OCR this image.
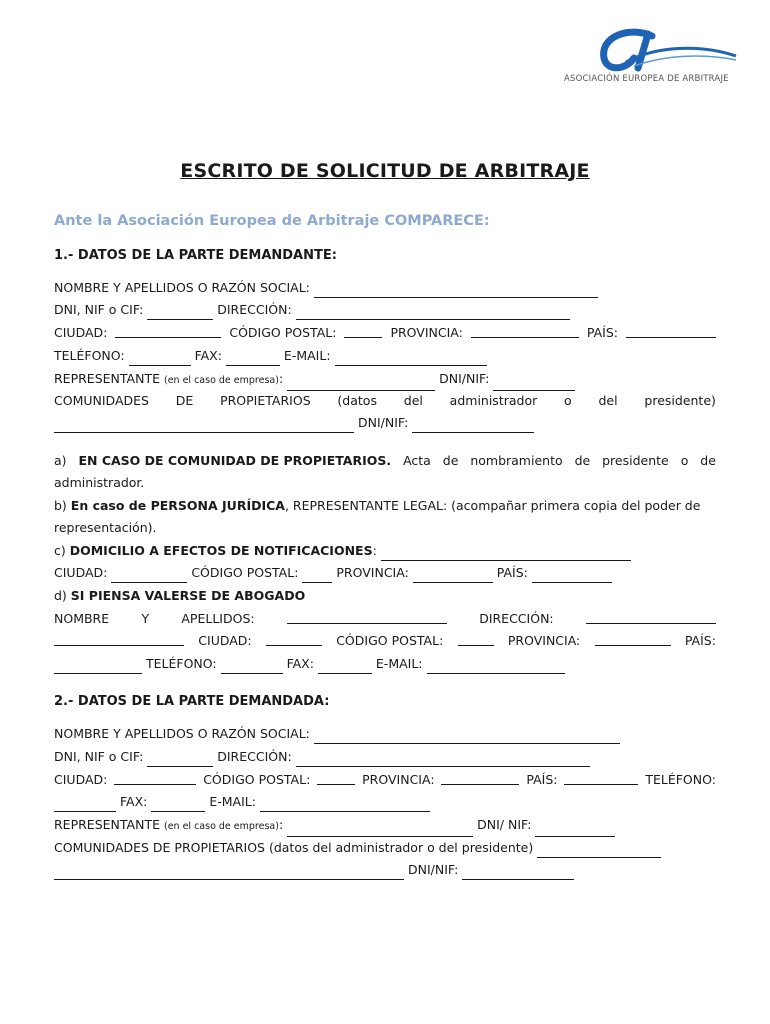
ASOCIACIÓN EUROPEA DE ARBITRAJE
ESCRITO DE SOLICITUD DE ARBITRAJE
Ante la Asociación Europea de Arbitraje COMPARECE:
1.- DATOS DE LA PARTE DEMANDANTE:
NOMBRE Y APELLIDOS O RAZÓN SOCIAL:
DNI, NIF o CIF:	DIRECCIÓN:
CIUDAD:	CÓDIGO POSTAL:	PROVINCIA:	PAÍS:
TELÉFONO:	FAX:	E-MAIL:
REPRESENTANTE (en el caso de empresa):	DNI/NIF:
COMUNIDADES DE PROPIETARIOS (datos del administrador o del presidente)
DNI/NIF:
a) EN CASO DE COMUNIDAD DE PROPIETARIOS. Acta de nombramiento de presidente o de
administrador.
b) En caso de PERSONA JURÍDICA, REPRESENTANTE LEGAL: (acompañar primera copia del poder de
representación).
c) DOMICILIO A EFECTOS DE NOTIFICACIONES:
CIUDAD:	CÓDIGO POSTAL:	PROVINCIA:	PAÍS:
d) SI PIENSA VALERSE DE ABOGADO
NOMBRE	Y	APELLIDOS:	DIRECCIÓN:
CIUDAD:	CÓDIGO POSTAL:	PROVINCIA:	PAÍS:
TELÉFONO:	FAX:	E-MAIL:
2.- DATOS DE LA PARTE DEMANDADA:
NOMBRE Y APELLIDOS O RAZÓN SOCIAL:
DNI, NIF o CIF:	DIRECCIÓN:
CIUDAD:	CÓDIGO POSTAL:	PROVINCIA:	PAÍS:	TELÉFONO:
FAX:	E-MAIL:
REPRESENTANTE (en el caso de empresa):	DNI/ NIF:
COMUNIDADES DE PROPIETARIOS (datos del administrador o del presidente)
DNI/NIF:
